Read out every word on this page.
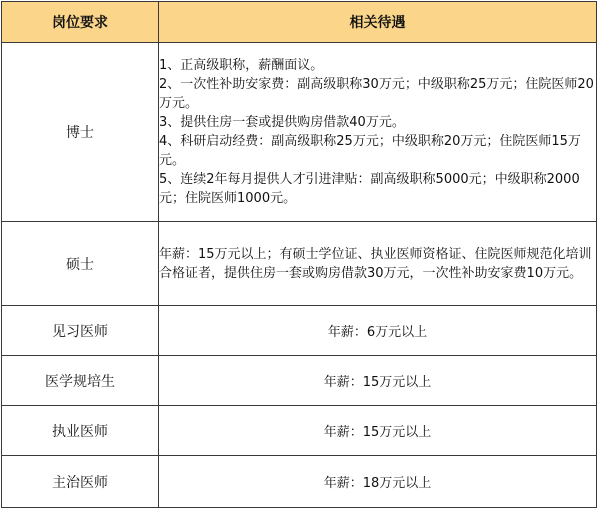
岗位要求	相关待遇
博士	1、正高级职称，薪酬面议。
2、一次性补助安家费：副高级职称30万元；中级职称25万元；住院医师20万元。
3、提供住房一套或提供购房借款40万元。
4、科研启动经费：副高级职称25万元；中级职称20万元；住院医师15万元。
5、连续2年每月提供人才引进津贴：副高级职称5000元；中级职称2000元；住院医师1000元。

硕士	年薪：15万元以上；有硕士学位证、执业医师资格证、住院医师规范化培训合格证者，提供住房一套或购房借款30万元，一次性补助安家费10万元。
见习医师	年薪：6万元以上
医学规培生	年薪：15万元以上
执业医师	年薪：15万元以上
主治医师	年薪：18万元以上
